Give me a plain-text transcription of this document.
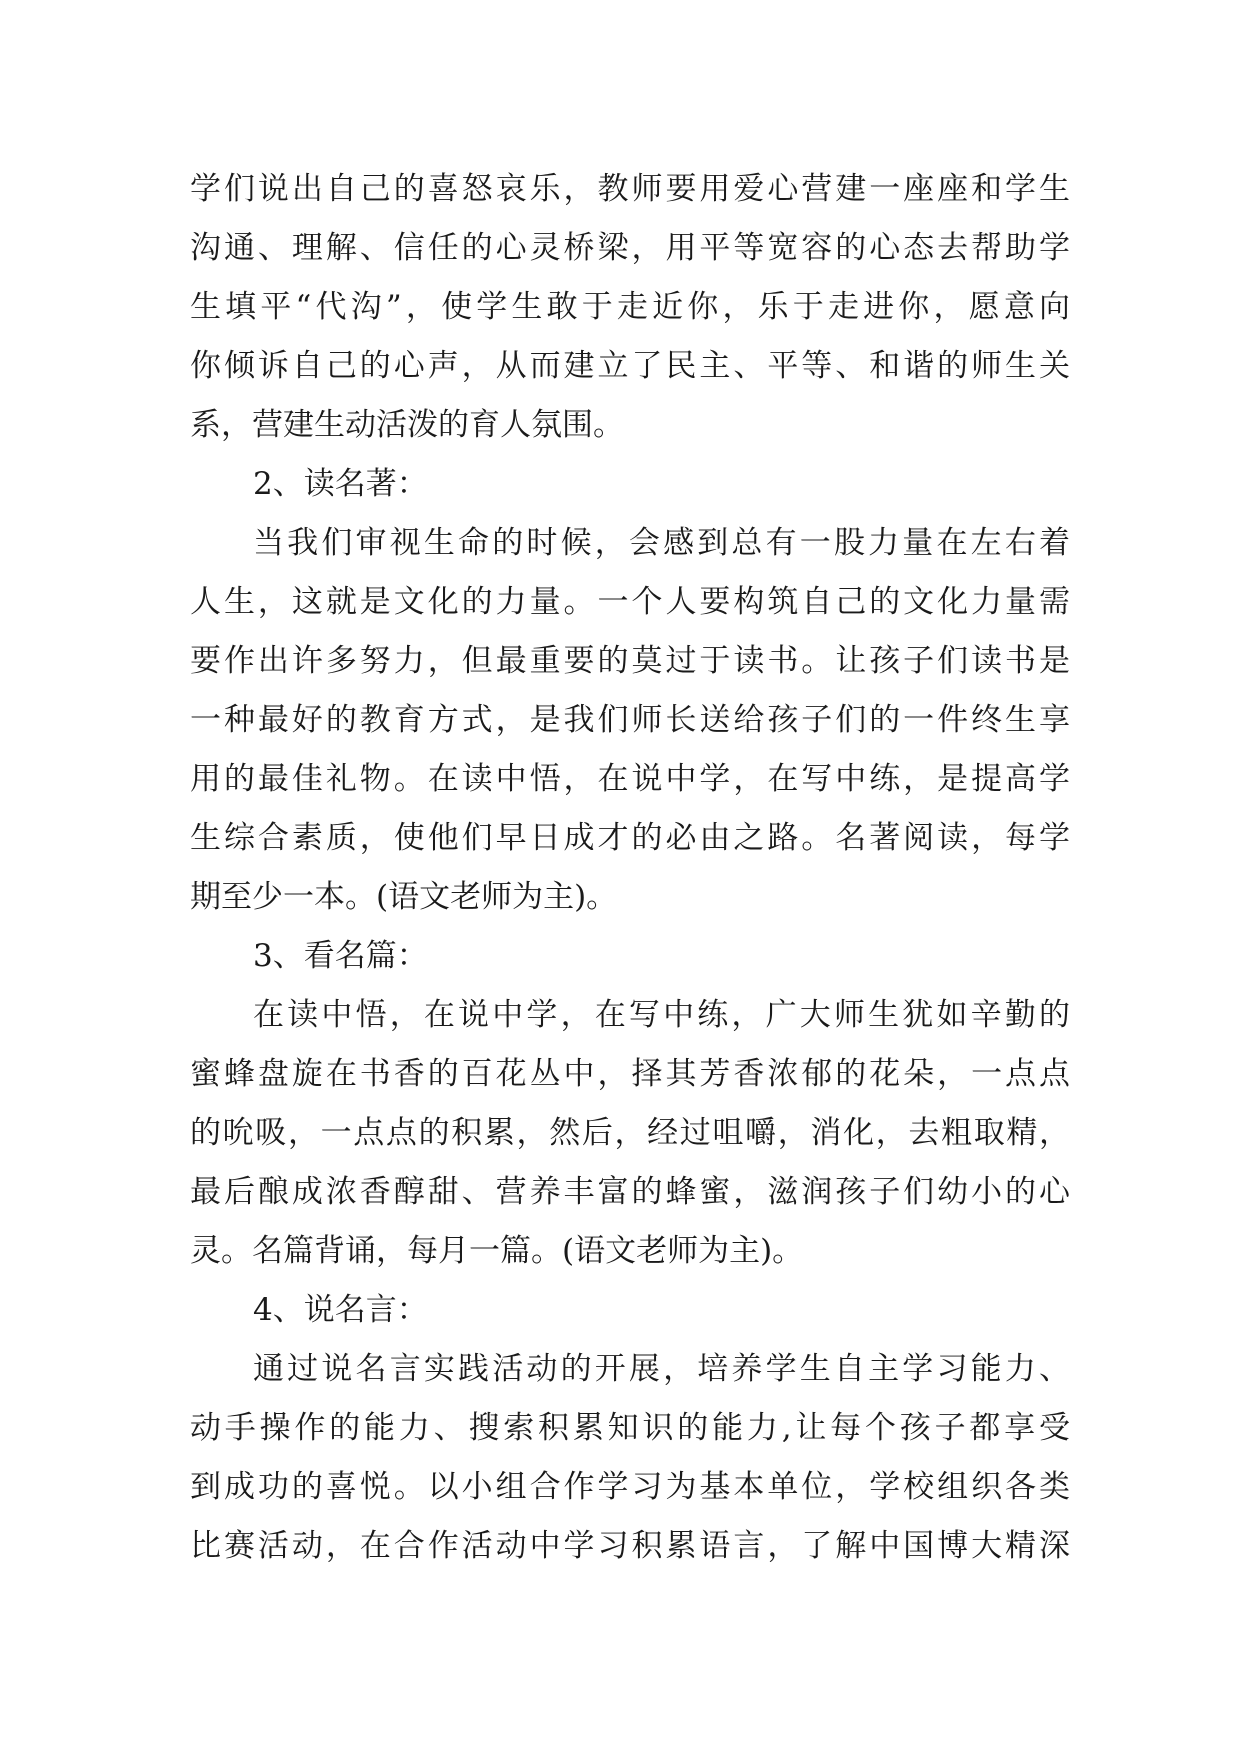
学们说出自己的喜怒哀乐，教师要用爱心营建一座座和学生
沟通、理解、信任的心灵桥梁，用平等宽容的心态去帮助学
生填平“代沟”，使学生敢于走近你，乐于走进你，愿意向
你倾诉自己的心声，从而建立了民主、平等、和谐的师生关
系，营建生动活泼的育人氛围。
2、读名著：
当我们审视生命的时候，会感到总有一股力量在左右着
人生，这就是文化的力量。一个人要构筑自己的文化力量需
要作出许多努力，但最重要的莫过于读书。让孩子们读书是
一种最好的教育方式，是我们师长送给孩子们的一件终生享
用的最佳礼物。在读中悟，在说中学，在写中练，是提高学
生综合素质，使他们早日成才的必由之路。名著阅读，每学
期至少一本。(语文老师为主)。
3、看名篇：
在读中悟，在说中学，在写中练，广大师生犹如辛勤的
蜜蜂盘旋在书香的百花丛中，择其芳香浓郁的花朵，一点点
的吮吸，一点点的积累，然后，经过咀嚼，消化，去粗取精，
最后酿成浓香醇甜、营养丰富的蜂蜜，滋润孩子们幼小的心
灵。名篇背诵，每月一篇。(语文老师为主)。
4、说名言：
通过说名言实践活动的开展，培养学生自主学习能力、
动手操作的能力、搜索积累知识的能力,让每个孩子都享受
到成功的喜悦。以小组合作学习为基本单位，学校组织各类
比赛活动，在合作活动中学习积累语言，了解中国博大精深
